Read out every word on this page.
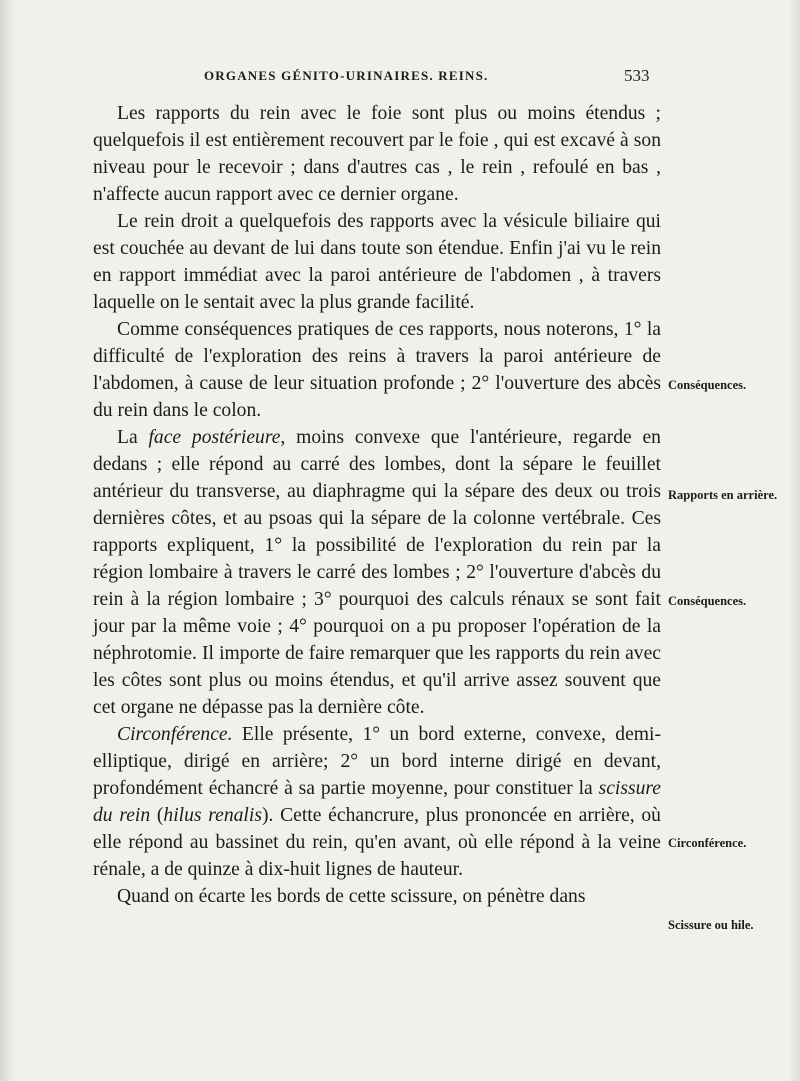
ORGANES GÉNITO-URINAIRES. REINS.	533

Les rapports du rein avec le foie sont plus ou moins étendus ; quelquefois il est entièrement recouvert par le foie , qui est excavé à son niveau pour le recevoir ; dans d'autres cas , le rein , refoulé en bas , n'affecte aucun rapport avec ce dernier organe.

Le rein droit a quelquefois des rapports avec la vésicule biliaire qui est couchée au devant de lui dans toute son étendue. Enfin j'ai vu le rein en rapport immédiat avec la paroi antérieure de l'abdomen , à travers laquelle on le sentait avec la plus grande facilité.

Comme conséquences pratiques de ces rapports, nous noterons, 1° la difficulté de l'exploration des reins à travers la paroi antérieure de l'abdomen, à cause de leur situation profonde ; 2° l'ouverture des abcès du rein dans le colon.

La face postérieure, moins convexe que l'antérieure, regarde en dedans ; elle répond au carré des lombes, dont la sépare le feuillet antérieur du transverse, au diaphragme qui la sépare des deux ou trois dernières côtes, et au psoas qui la sépare de la colonne vertébrale. Ces rapports expliquent, 1° la possibilité de l'exploration du rein par la région lombaire à travers le carré des lombes ; 2° l'ouverture d'abcès du rein à la région lombaire ; 3° pourquoi des calculs rénaux se sont fait jour par la même voie ; 4° pourquoi on a pu proposer l'opération de la néphrotomie. Il importe de faire remarquer que les rapports du rein avec les côtes sont plus ou moins étendus, et qu'il arrive assez souvent que cet organe ne dépasse pas la dernière côte.

Circonférence. Elle présente, 1° un bord externe, convexe, demi-elliptique, dirigé en arrière; 2° un bord interne dirigé en devant, profondément échancré à sa partie moyenne, pour constituer la scissure du rein (hilus renalis). Cette échancrure, plus prononcée en arrière, où elle répond au bassinet du rein, qu'en avant, où elle répond à la veine rénale, a de quinze à dix-huit lignes de hauteur.

Quand on écarte les bords de cette scissure, on pénètre dans

Conséquences.
Rapports en arrière.
Conséquences.
Circonférence.
Scissure ou hile.
